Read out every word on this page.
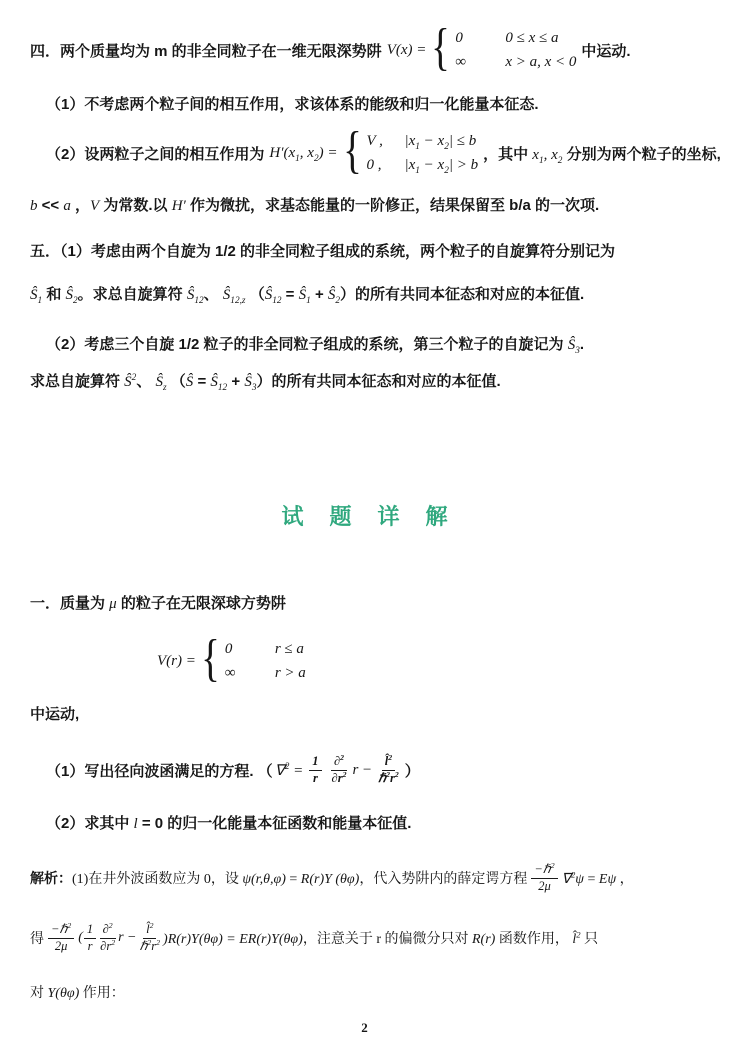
四．两个质量均为 m 的非全同粒子在一维无限深势阱 V(x) = { 0	0 ≤ x ≤ a
∞	x > a, x < 0
中运动.
（1）不考虑两个粒子间的相互作用，求该体系的能级和归一化能量本征态.
（2）设两粒子之间的相互作用为 $H'(x_1$, $x_2$) = { V ,	$|x_1 - x_2| \le b$
0 ,	$|x_1 - x_2| > b$
，其中 $x_1$, $x_2$ 分别为两个粒子的坐标,
b << a ，V 为常数.以 H′ 作为微扰，求基态能量的一阶修正，结果保留至 b/a 的一次项.
五．（1）考虑由两个自旋为 1/2 的非全同粒子组成的系统，两个粒子的自旋算符分别记为
$Ŝ_1$ 和 $Ŝ_2$。求总自旋算符 $Ŝ_{12}$、 $Ŝ_{12,z}$ （$Ŝ_{12}$ = $Ŝ_1$ + $Ŝ_2$）的所有共同本征态和对应的本征值.
（2）考虑三个自旋 1/2 粒子的非全同粒子组成的系统，第三个粒子的自旋记为 $Ŝ_3$.
求总自旋算符 $Ŝ^2$、 $Ŝ_z$ （Ŝ = $Ŝ_{12}$ + $Ŝ_3$）的所有共同本征态和对应的本征值.
试题详解
一．质量为 μ 的粒子在无限深球方势阱
V(r) = { 0	r ≤ a
∞	r > a
中运动,
（1）写出径向波函满足的方程. （ $\nabla^2 = \frac{1}{r} \frac{\partial^2}{\partial r^2}$ $r - \frac{l̂^2}{\hbar^2r^2}$ ）
（2）求其中 l = 0 的归一化能量本征函数和能量本征值.
解析： (1)在井外波函数应为 0，设 ψ(r,θ,φ) = R(r)Y (θφ)，代入势阱内的薛定谔方程 $\frac{-\hbar^2}{2\mu} \nabla^2\psi = E\psi$ ，
得 $\frac{-\hbar^2}{2\mu}$ ( $\frac{1}{r} \frac{\partial^2}{\partial r^2}$ $r - \frac{l̂^2}{\hbar^2r^2} )R(r)Y(\theta\varphi) = ER(r)Y(\theta\varphi)$，注意关于 r 的偏微分只对 R(r) 函数作用， l̂$^2$ 只
对 Y(θφ) 作用：
2
